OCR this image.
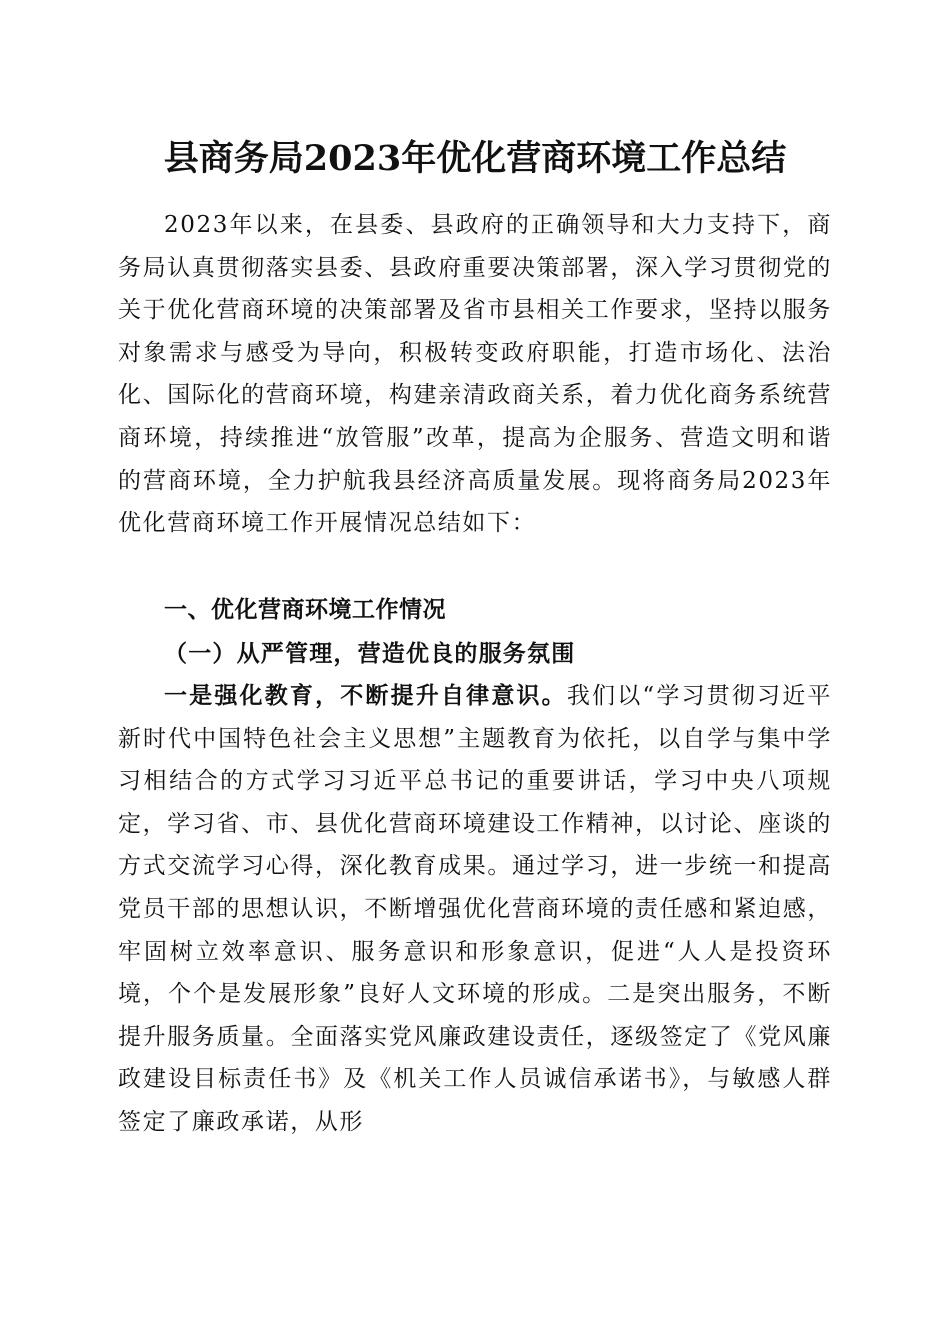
县商务局2023年优化营商环境工作总结

2023年以来，在县委、县政府的正确领导和大力支持下，商务局认真贯彻落实县委、县政府重要决策部署，深入学习贯彻党的关于优化营商环境的决策部署及省市县相关工作要求，坚持以服务对象需求与感受为导向，积极转变政府职能，打造市场化、法治化、国际化的营商环境，构建亲清政商关系，着力优化商务系统营商环境，持续推进“放管服”改革，提高为企服务、营造文明和谐的营商环境，全力护航我县经济高质量发展。现将商务局2023年优化营商环境工作开展情况总结如下：

一、优化营商环境工作情况
（一）从严管理，营造优良的服务氛围

一是强化教育，不断提升自律意识。我们以“学习贯彻习近平新时代中国特色社会主义思想”主题教育为依托，以自学与集中学习相结合的方式学习习近平总书记的重要讲话，学习中央八项规定，学习省、市、县优化营商环境建设工作精神，以讨论、座谈的方式交流学习心得，深化教育成果。通过学习，进一步统一和提高党员干部的思想认识，不断增强优化营商环境的责任感和紧迫感，牢固树立效率意识、服务意识和形象意识，促进“人人是投资环境，个个是发展形象”良好人文环境的形成。二是突出服务，不断提升服务质量。全面落实党风廉政建设责任，逐级签定了《党风廉政建设目标责任书》及《机关工作人员诚信承诺书》，与敏感人群签定了廉政承诺，从形
